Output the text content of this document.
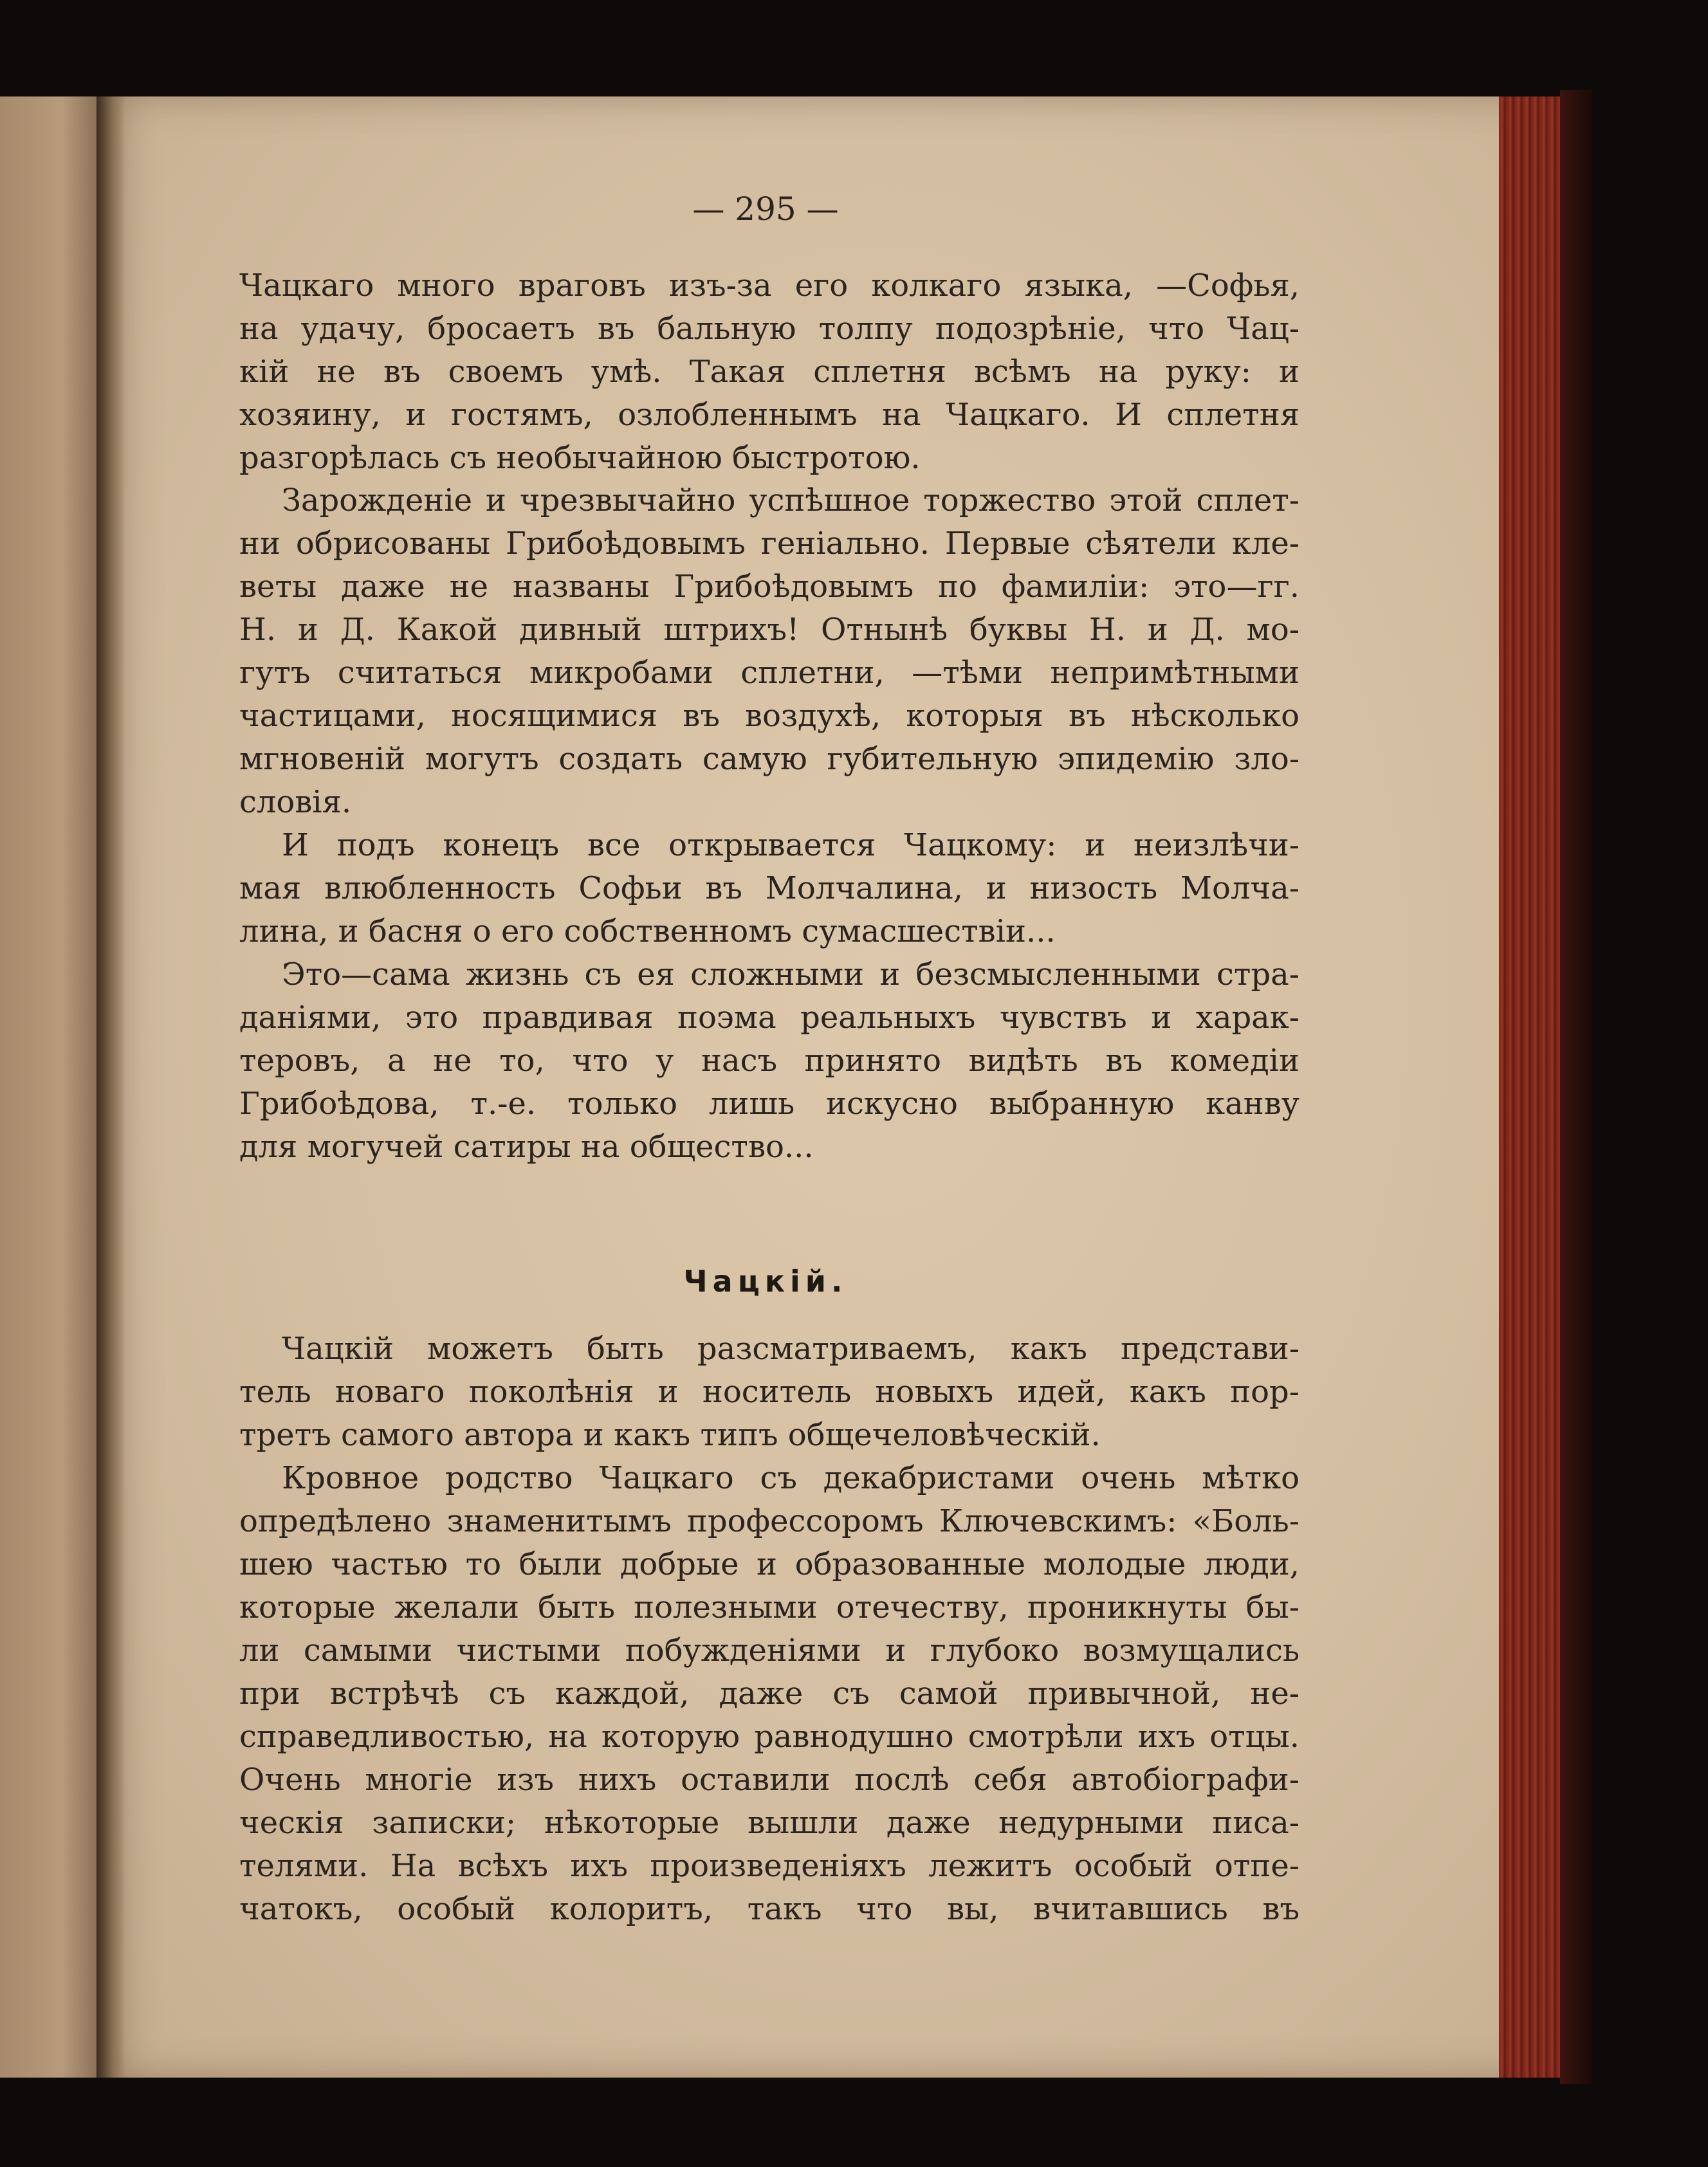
— 295 —
Чацкаго много враговъ изъ-за его колкаго языка, —Софья,
на удачу, бросаетъ въ бальную толпу подозрѣніе, что Чац-
кій не въ своемъ умѣ. Такая сплетня всѣмъ на руку: и
хозяину, и гостямъ, озлобленнымъ на Чацкаго. И сплетня
разгорѣлась съ необычайною быстротою.
Зарожденіе и чрезвычайно успѣшное торжество этой сплет-
ни обрисованы Грибоѣдовымъ геніально. Первые сѣятели кле-
веты даже не названы Грибоѣдовымъ по фамиліи: это—гг.
Н. и Д. Какой дивный штрихъ! Отнынѣ буквы Н. и Д. мо-
гутъ считаться микробами сплетни, —тѣми непримѣтными
частицами, носящимися въ воздухѣ, которыя въ нѣсколько
мгновеній могутъ создать самую губительную эпидемію зло-
словія.
И подъ конецъ все открывается Чацкому: и неизлѣчи-
мая влюбленность Софьи въ Молчалина, и низость Молча-
лина, и басня о его собственномъ сумасшествіи...
Это—сама жизнь съ ея сложными и безсмысленными стра-
даніями, это правдивая поэма реальныхъ чувствъ и харак-
теровъ, а не то, что у насъ принято видѣть въ комедіи
Грибоѣдова, т.-е. только лишь искусно выбранную канву
для могучей сатиры на общество...
Чацкій.
Чацкій можетъ быть разсматриваемъ, какъ представи-
тель новаго поколѣнія и носитель новыхъ идей, какъ пор-
третъ самого автора и какъ типъ общечеловѣческій.
Кровное родство Чацкаго съ декабристами очень мѣтко
опредѣлено знаменитымъ профессоромъ Ключевскимъ: «Боль-
шею частью то были добрые и образованные молодые люди,
которые желали быть полезными отечеству, проникнуты бы-
ли самыми чистыми побужденіями и глубоко возмущались
при встрѣчѣ съ каждой, даже съ самой привычной, не-
справедливостью, на которую равнодушно смотрѣли ихъ отцы.
Очень многіе изъ нихъ оставили послѣ себя автобіографи-
ческія записки; нѣкоторые вышли даже недурными писа-
телями. На всѣхъ ихъ произведеніяхъ лежитъ особый отпе-
чатокъ, особый колоритъ, такъ что вы, вчитавшись въ
